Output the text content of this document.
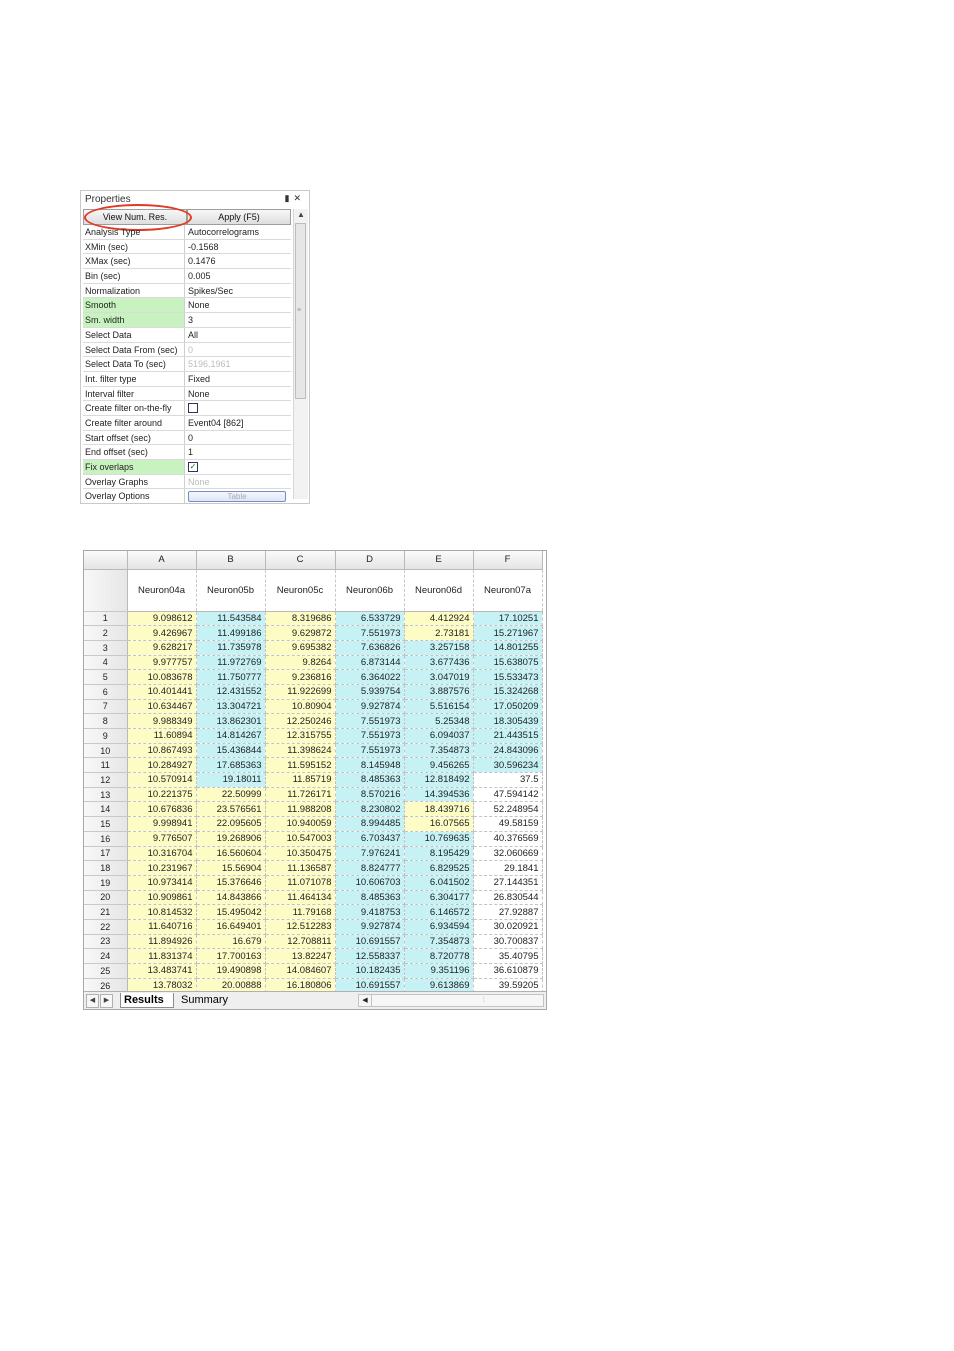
Properties	▮✕
View Num. Res.	Apply (F5)
Analysis Type	Autocorrelograms
XMin (sec)	-0.1568
XMax (sec)	0.1476
Bin (sec)	0.005
Normalization	Spikes/Sec
Smooth	None
Sm. width	3
Select Data	All
Select Data From (sec)	0
Select Data To (sec)	5196.1961
Int. filter type	Fixed
Interval filter	None
Create filter on-the-fly
Create filter around	Event04 [862]
Start offset (sec)	0
End offset (sec)	1
Fix overlaps	✓
Overlay Graphs	None
Overlay Options	Table
▲
≡
	A	B	C	D	E	F
	Neuron04a	Neuron05b	Neuron05c	Neuron06b	Neuron06d	Neuron07a
1	9.098612	11.543584	8.319686	6.533729	4.412924	17.10251
2	9.426967	11.499186	9.629872	7.551973	2.73181	15.271967
3	9.628217	11.735978	9.695382	7.636826	3.257158	14.801255
4	9.977757	11.972769	9.8264	6.873144	3.677436	15.638075
5	10.083678	11.750777	9.236816	6.364022	3.047019	15.533473
6	10.401441	12.431552	11.922699	5.939754	3.887576	15.324268
7	10.634467	13.304721	10.80904	9.927874	5.516154	17.050209
8	9.988349	13.862301	12.250246	7.551973	5.25348	18.305439
9	11.60894	14.814267	12.315755	7.551973	6.094037	21.443515
10	10.867493	15.436844	11.398624	7.551973	7.354873	24.843096
11	10.284927	17.685363	11.595152	8.145948	9.456265	30.596234
12	10.570914	19.18011	11.85719	8.485363	12.818492	37.5
13	10.221375	22.50999	11.726171	8.570216	14.394536	47.594142
14	10.676836	23.576561	11.988208	8.230802	18.439716	52.248954
15	9.998941	22.095605	10.940059	8.994485	16.07565	49.58159
16	9.776507	19.268906	10.547003	6.703437	10.769635	40.376569
17	10.316704	16.560604	10.350475	7.976241	8.195429	32.060669
18	10.231967	15.56904	11.136587	8.824777	6.829525	29.1841
19	10.973414	15.376646	11.071078	10.606703	6.041502	27.144351
20	10.909861	14.843866	11.464134	8.485363	6.304177	26.830544
21	10.814532	15.495042	11.79168	9.418753	6.146572	27.92887
22	11.640716	16.649401	12.512283	9.927874	6.934594	30.020921
23	11.894926	16.679	12.708811	10.691557	7.354873	30.700837
24	11.831374	17.700163	13.82247	12.558337	8.720778	35.40795
25	13.483741	19.490898	14.084607	10.182435	9.351196	36.610879
26	13.78032	20.00888	16.180806	10.691557	9.613869	39.59205
◀	▶	Results	Summary	◀	⦙
